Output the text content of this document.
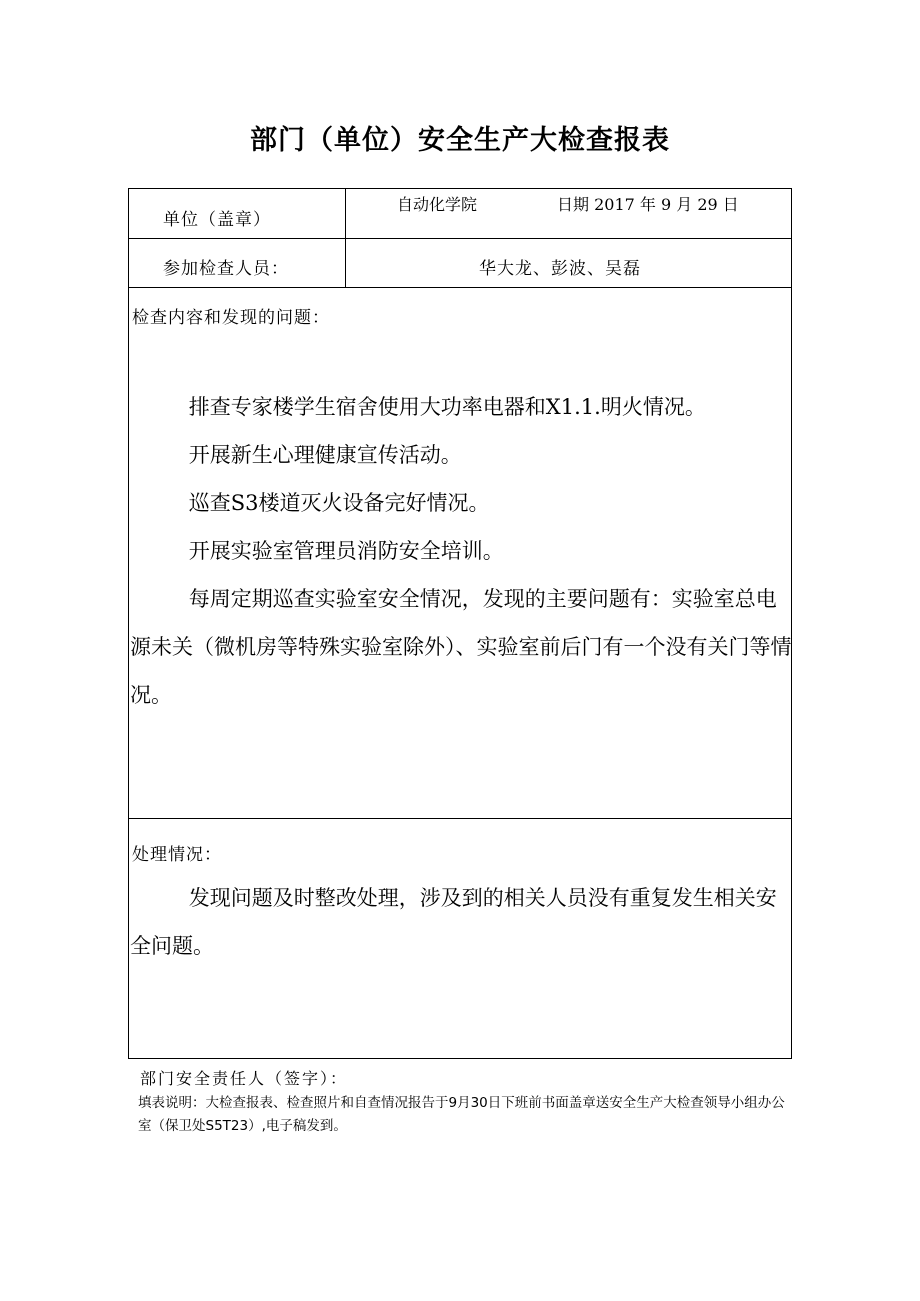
部门（单位）安全生产大检查报表
单位（盖章）
自动化学院	日期 2017 年 9 月 29 日
参加检查人员：	华大龙、彭波、吴磊
检查内容和发现的问题：

排查专家楼学生宿舍使用大功率电器和X1.1.明火情况。

开展新生心理健康宣传活动。

巡查S3楼道灭火设备完好情况。

开展实验室管理员消防安全培训。

每周定期巡查实验室安全情况，发现的主要问题有：实验室总电源未关（微机房等特殊实验室除外）、实验室前后门有一个没有关门等情况。

处理情况：

发现问题及时整改处理，涉及到的相关人员没有重复发生相关安全问题。

部门安全责任人（签字）：
填表说明：大检查报表、检查照片和自查情况报告于9月30日下班前书面盖章送安全生产大检查领导小组办公室（保卫处S5T23）,电子稿发到。
